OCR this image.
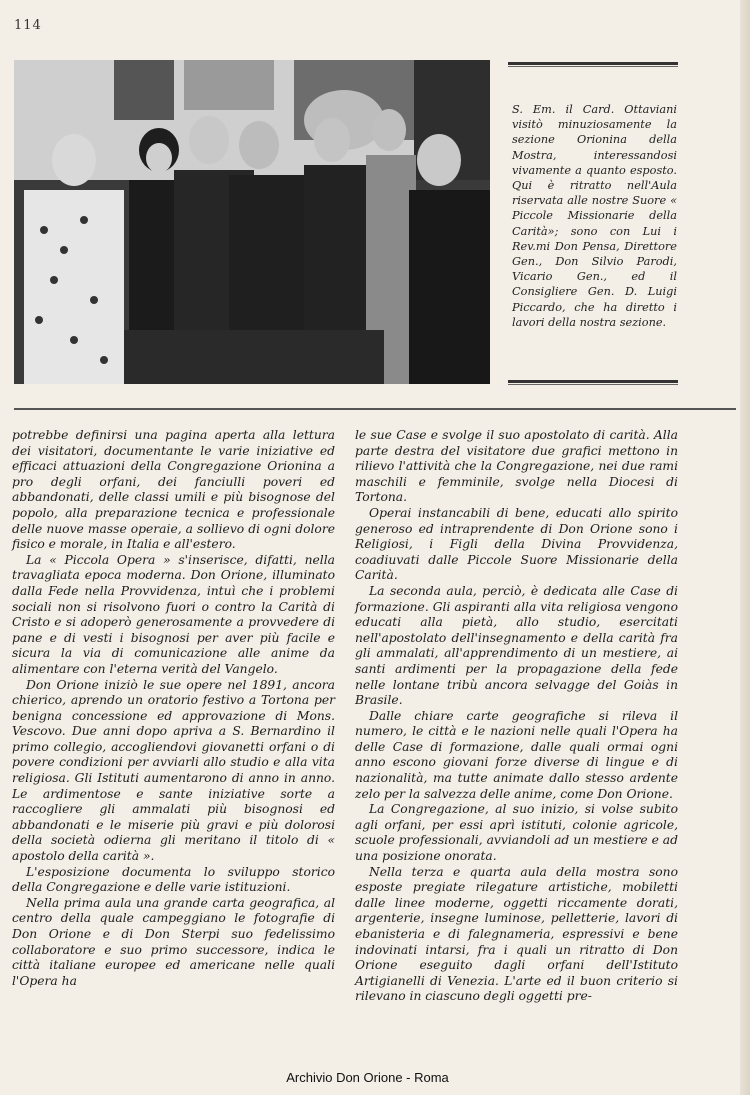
114
S. Em. il Card. Ottaviani visitò minuziosamente la sezione Orionina della Mostra, interessandosi vivamente a quanto esposto. Qui è ritratto nell'Aula riservata alle nostre Suore « Piccole Missionarie della Carità»; sono con Lui i Rev.mi Don Pensa, Direttore Gen., Don Silvio Parodi, Vicario Gen., ed il Consigliere Gen. D. Luigi Piccardo, che ha diretto i lavori della nostra sezione.

potrebbe definirsi una pagina aperta alla lettura dei visitatori, documentante le varie iniziative ed efficaci attuazioni della Congregazione Orionina a pro degli orfani, dei fanciulli poveri ed abbandonati, delle classi umili e più bisognose del popolo, alla preparazione tecnica e professionale delle nuove masse operaie, a sollievo di ogni dolore fisico e morale, in Italia e all'estero.

La « Piccola Opera » s'inserisce, difatti, nella travagliata epoca moderna. Don Orione, illuminato dalla Fede nella Provvidenza, intuì che i problemi sociali non si risolvono fuori o contro la Carità di Cristo e si adoperò generosamente a provvedere di pane e di vesti i bisognosi per aver più facile e sicura la via di comunicazione alle anime da alimentare con l'eterna verità del Vangelo.

Don Orione iniziò le sue opere nel 1891, ancora chierico, aprendo un oratorio festivo a Tortona per benigna concessione ed approvazione di Mons. Vescovo. Due anni dopo apriva a S. Bernardino il primo collegio, accogliendovi giovanetti orfani o di povere condizioni per avviarli allo studio e alla vita religiosa. Gli Istituti aumentarono di anno in anno. Le ardimentose e sante iniziative sorte a raccogliere gli ammalati più bisognosi ed abbandonati e le miserie più gravi e più dolorosi della società odierna gli meritano il titolo di « apostolo della carità ».

L'esposizione documenta lo sviluppo storico della Congregazione e delle varie istituzioni.

Nella prima aula una grande carta geografica, al centro della quale campeggiano le fotografie di Don Orione e di Don Sterpi suo fedelissimo collaboratore e suo primo successore, indica le città italiane europee ed americane nelle quali l'Opera ha

le sue Case e svolge il suo apostolato di carità. Alla parte destra del visitatore due grafici mettono in rilievo l'attività che la Congregazione, nei due rami maschili e femminile, svolge nella Diocesi di Tortona.

Operai instancabili di bene, educati allo spirito generoso ed intraprendente di Don Orione sono i Religiosi, i Figli della Divina Provvidenza, coadiuvati dalle Piccole Suore Missionarie della Carità.

La seconda aula, perciò, è dedicata alle Case di formazione. Gli aspiranti alla vita religiosa vengono educati alla pietà, allo studio, esercitati nell'apostolato dell'insegnamento e della carità fra gli ammalati, all'apprendimento di un mestiere, ai santi ardimenti per la propagazione della fede nelle lontane tribù ancora selvagge del Goiàs in Brasile.

Dalle chiare carte geografiche si rileva il numero, le città e le nazioni nelle quali l'Opera ha delle Case di formazione, dalle quali ormai ogni anno escono giovani forze diverse di lingue e di nazionalità, ma tutte animate dallo stesso ardente zelo per la salvezza delle anime, come Don Orione.

La Congregazione, al suo inizio, si volse subito agli orfani, per essi aprì istituti, colonie agricole, scuole professionali, avviandoli ad un mestiere e ad una posizione onorata.

Nella terza e quarta aula della mostra sono esposte pregiate rilegature artistiche, mobiletti dalle linee moderne, oggetti riccamente dorati, argenterie, insegne luminose, pelletterie, lavori di ebanisteria e di falegnameria, espressivi e bene indovinati intarsi, fra i quali un ritratto di Don Orione eseguito dagli orfani dell'Istituto Artigianelli di Venezia. L'arte ed il buon criterio si rilevano in ciascuno degli oggetti pre-

Archivio Don Orione - Roma
